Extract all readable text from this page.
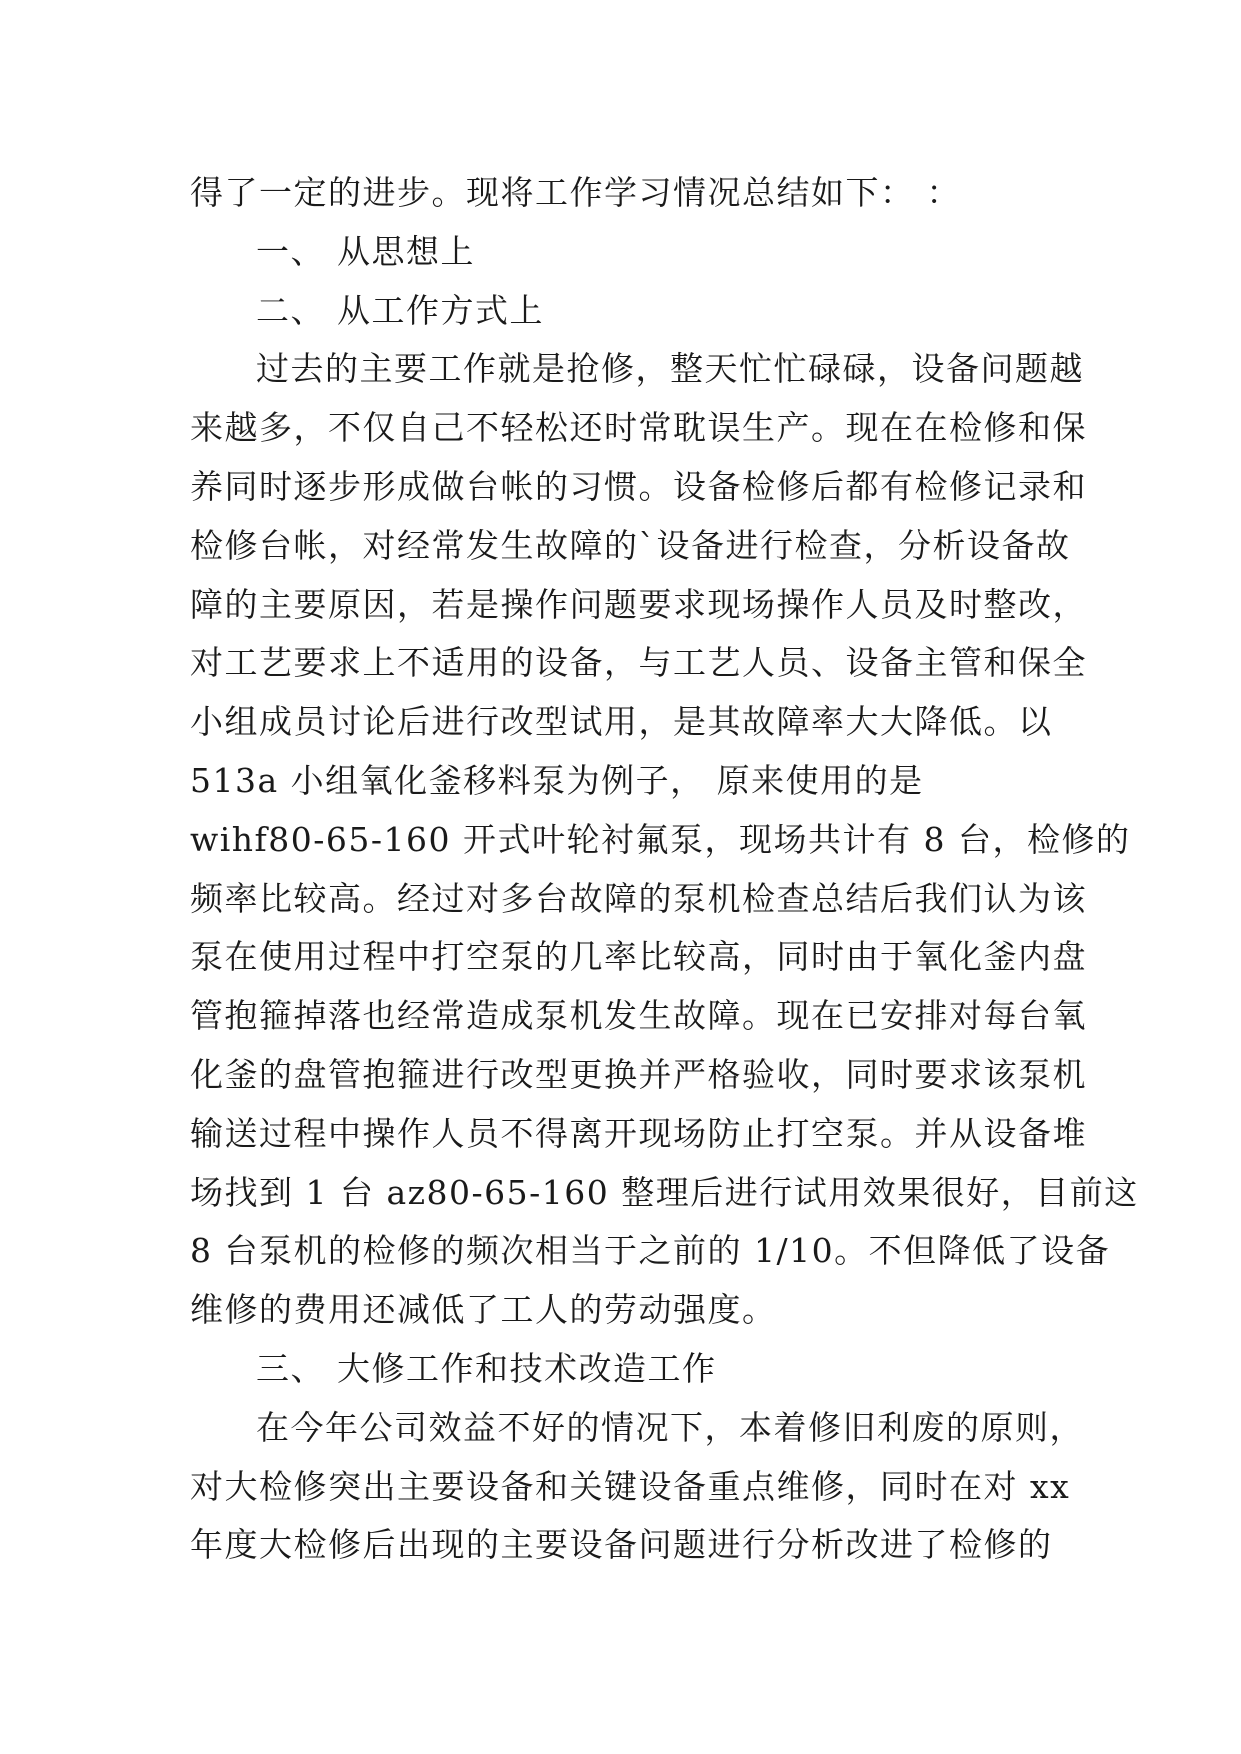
得了一定的进步。现将工作学习情况总结如下： ：
一、 从思想上
二、 从工作方式上
过去的主要工作就是抢修，整天忙忙碌碌，设备问题越
来越多，不仅自己不轻松还时常耽误生产。现在在检修和保
养同时逐步形成做台帐的习惯。设备检修后都有检修记录和
检修台帐，对经常发生故障的`设备进行检查，分析设备故
障的主要原因，若是操作问题要求现场操作人员及时整改，
对工艺要求上不适用的设备，与工艺人员、设备主管和保全
小组成员讨论后进行改型试用，是其故障率大大降低。以
513a 小组氧化釜移料泵为例子， 原来使用的是
wihf80-65-160 开式叶轮衬氟泵，现场共计有 8 台，检修的
频率比较高。经过对多台故障的泵机检查总结后我们认为该
泵在使用过程中打空泵的几率比较高，同时由于氧化釜内盘
管抱箍掉落也经常造成泵机发生故障。现在已安排对每台氧
化釜的盘管抱箍进行改型更换并严格验收，同时要求该泵机
输送过程中操作人员不得离开现场防止打空泵。并从设备堆
场找到 1 台 az80-65-160 整理后进行试用效果很好，目前这
8 台泵机的检修的频次相当于之前的 1/10。不但降低了设备
维修的费用还减低了工人的劳动强度。
三、 大修工作和技术改造工作
在今年公司效益不好的情况下，本着修旧利废的原则，
对大检修突出主要设备和关键设备重点维修，同时在对 xx
年度大检修后出现的主要设备问题进行分析改进了检修的
